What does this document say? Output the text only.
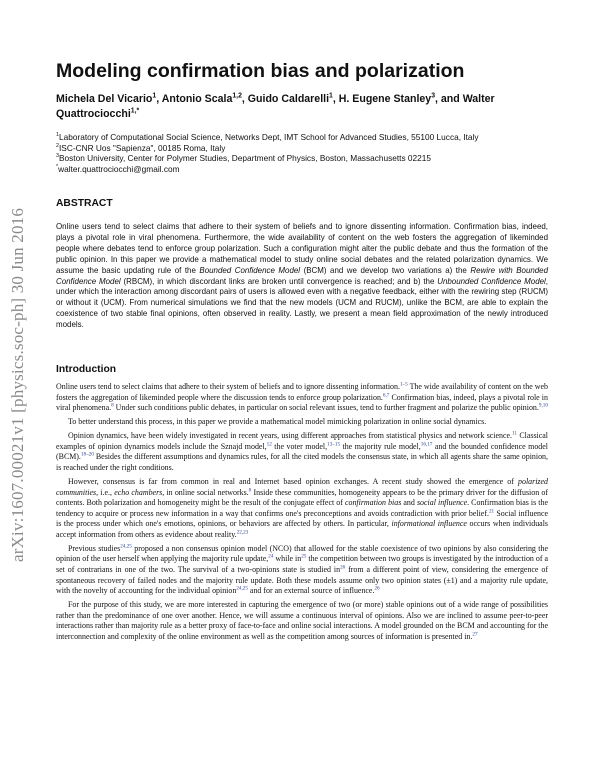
arXiv:1607.00021v1 [physics.soc-ph] 30 Jun 2016
Modeling confirmation bias and polarization
Michela Del Vicario$^1$, Antonio Scala$^{1,2}$, Guido Caldarelli$^1$, H. Eugene Stanley$^3$, and Walter Quattrociocchi$^{1,*}$
$^1$Laboratory of Computational Social Science, Networks Dept, IMT School for Advanced Studies, 55100 Lucca, Italy
$^2$ISC-CNR Uos "Sapienza", 00185 Roma, Italy
$^3$Boston University, Center for Polymer Studies, Department of Physics, Boston, Massachusetts 02215
*walter.quattrociocchi@gmail.com
ABSTRACT

Online users tend to select claims that adhere to their system of beliefs and to ignore dissenting information. Confirmation bias, indeed, plays a pivotal role in viral phenomena. Furthermore, the wide availability of content on the web fosters the aggregation of likeminded people where debates tend to enforce group polarization. Such a configuration might alter the public debate and thus the formation of the public opinion. In this paper we provide a mathematical model to study online social debates and the related polarization dynamics. We assume the basic updating rule of the Bounded Confidence Model (BCM) and we develop two variations a) the Rewire with Bounded Confidence Model (RBCM), in which discordant links are broken until convergence is reached; and b) the Unbounded Confidence Model, under which the interaction among discordant pairs of users is allowed even with a negative feedback, either with the rewiring step (RUCM) or without it (UCM). From numerical simulations we find that the new models (UCM and RUCM), unlike the BCM, are able to explain the coexistence of two stable final opinions, often observed in reality. Lastly, we present a mean field approximation of the newly introduced models.

Introduction

Online users tend to select claims that adhere to their system of beliefs and to ignore dissenting information.$^{1-5}$ The wide availability of content on the web fosters the aggregation of likeminded people where the discussion tends to enforce group polarization.$^{6,7}$ Confirmation bias, indeed, plays a pivotal role in viral phenomena.$^8$ Under such conditions public debates, in particular on social relevant issues, tend to further fragment and polarize the public opinion.$^{9,10}$

To better understand this process, in this paper we provide a mathematical model mimicking polarization in online social dynamics.

Opinion dynamics, have been widely investigated in recent years, using different approaches from statistical physics and network science.$^{11}$ Classical examples of opinion dynamics models include the Sznajd model,$^{12}$ the voter model,$^{13-15}$ the majority rule model,$^{16,17}$ and the bounded confidence model (BCM).$^{18-20}$ Besides the different assumptions and dynamics rules, for all the cited models the consensus state, in which all agents share the same opinion, is reached under the right conditions.

However, consensus is far from common in real and Internet based opinion exchanges. A recent study showed the emergence of polarized communities, i.e., echo chambers, in online social networks.$^8$ Inside these communities, homogeneity appears to be the primary driver for the diffusion of contents. Both polarization and homogeneity might be the result of the conjugate effect of confirmation bias and social influence. Confirmation bias is the tendency to acquire or process new information in a way that confirms one's preconceptions and avoids contradiction with prior belief.$^{21}$ Social influence is the process under which one's emotions, opinions, or behaviors are affected by others. In particular, informational influence occurs when individuals accept information from others as evidence about reality.$^{22,23}$

Previous studies$^{24,25}$ proposed a non consensus opinion model (NCO) that allowed for the stable coexistence of two opinions by also considering the opinion of the user herself when applying the majority rule update,$^{24}$ while in$^{25}$ the competition between two groups is investigated by the introduction of a set of contrarians in one of the two. The survival of a two-opinions state is studied in$^{26}$ from a different point of view, considering the emergence of spontaneous recovery of failed nodes and the majority rule update. Both these models assume only two opinion states (±1) and a majority rule update, with the novelty of accounting for the individual opinion$^{24,25}$ and for an external source of influence.$^{26}$

For the purpose of this study, we are more interested in capturing the emergence of two (or more) stable opinions out of a wide range of possibilities rather than the predominance of one over another. Hence, we will assume a continuous interval of opinions. Also we are inclined to assume peer-to-peer interactions rather than majority rule as a better proxy of face-to-face and online social interactions. A model grounded on the BCM and accounting for the interconnection and complexity of the online environment as well as the competition among sources of information is presented in.$^{27}$
